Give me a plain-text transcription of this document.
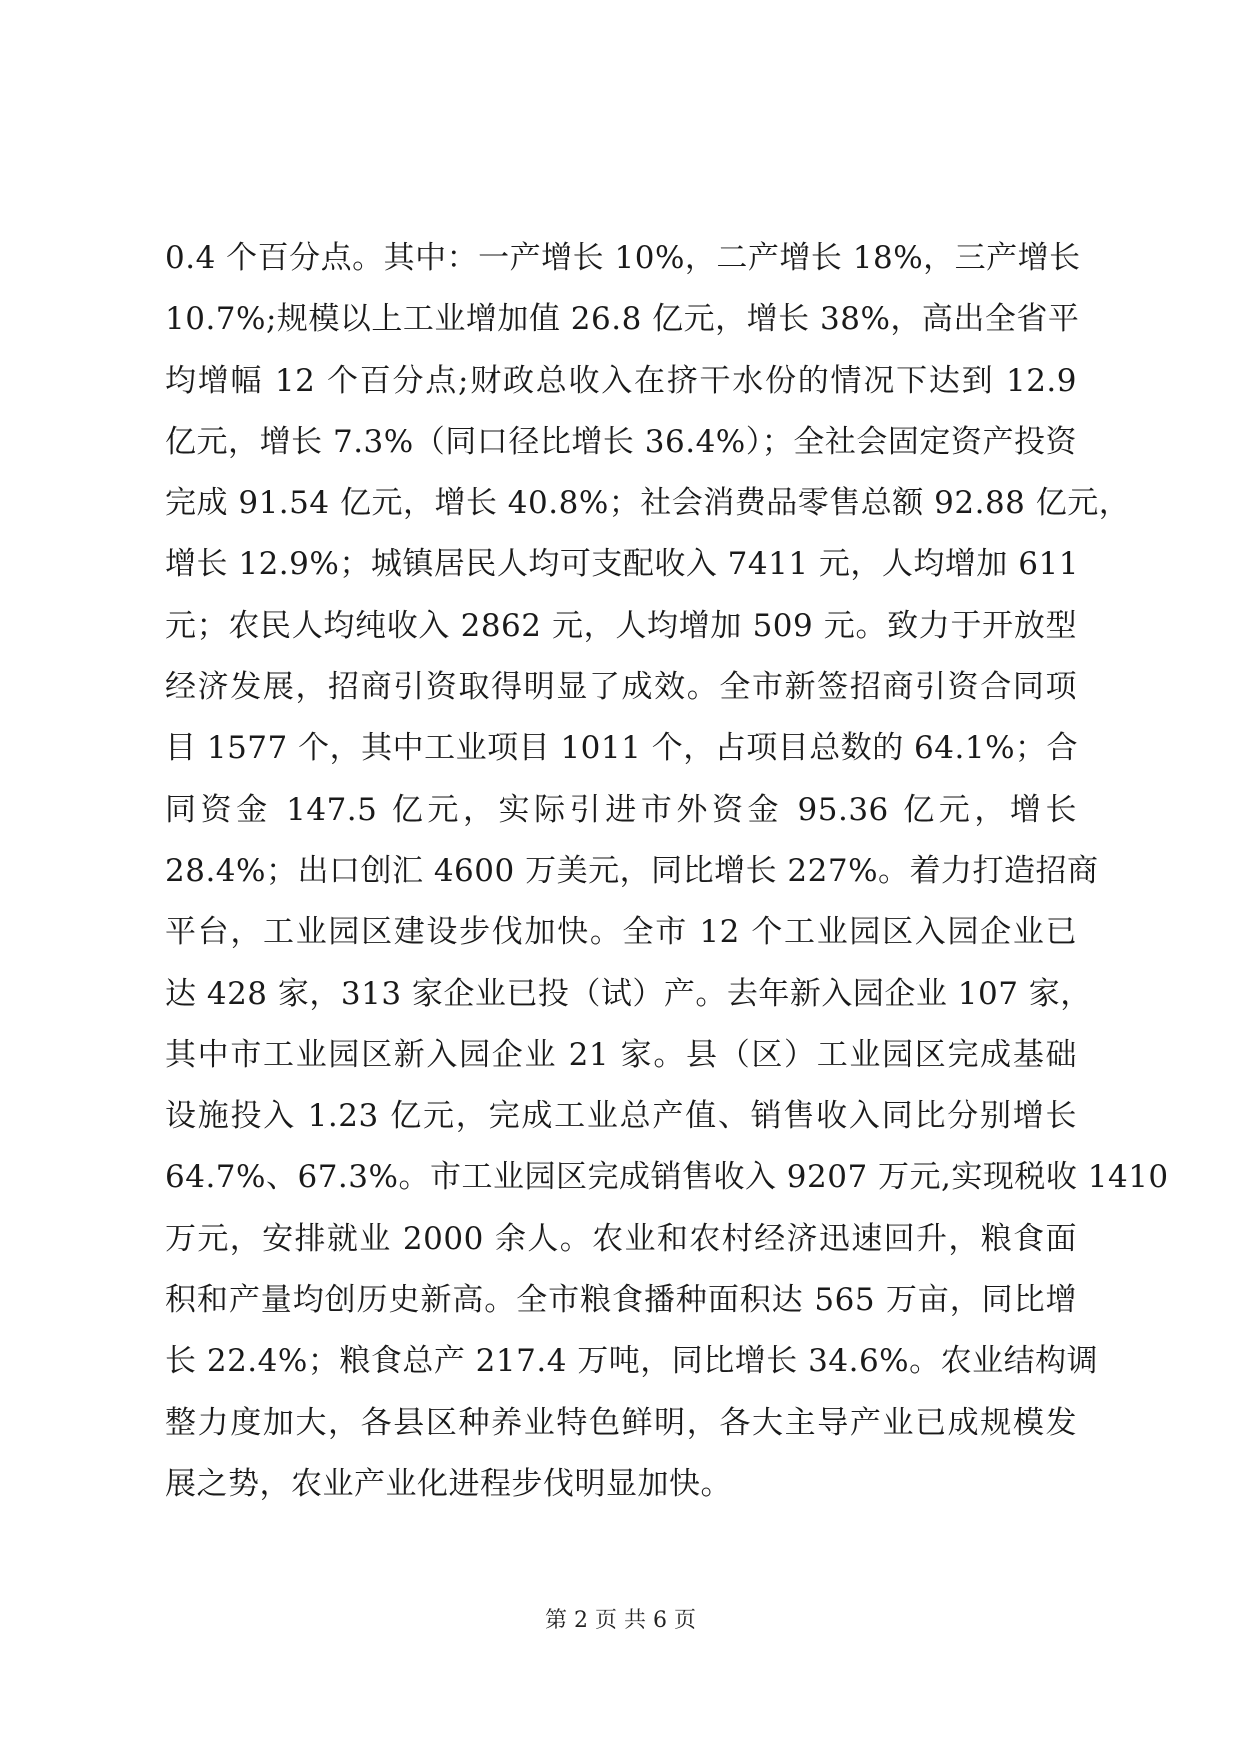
0.4 个百分点。其中：一产增长 10%，二产增长 18%，三产增长
10.7%;规模以上工业增加值 26.8 亿元，增长 38%，高出全省平
均增幅 12 个百分点;财政总收入在挤干水份的情况下达到 12.9
亿元，增长 7.3%（同口径比增长 36.4%）；全社会固定资产投资
完成 91.54 亿元，增长 40.8%；社会消费品零售总额 92.88 亿元，
增长 12.9%；城镇居民人均可支配收入 7411 元，人均增加 611
元；农民人均纯收入 2862 元，人均增加 509 元。致力于开放型
经济发展，招商引资取得明显了成效。全市新签招商引资合同项
目 1577 个，其中工业项目 1011 个，占项目总数的 64.1%；合
同资金 147.5 亿元，实际引进市外资金 95.36 亿元，增长
28.4%；出口创汇 4600 万美元，同比增长 227%。着力打造招商
平台，工业园区建设步伐加快。全市 12 个工业园区入园企业已
达 428 家，313 家企业已投（试）产。去年新入园企业 107 家，
其中市工业园区新入园企业 21 家。县（区）工业园区完成基础
设施投入 1.23 亿元，完成工业总产值、销售收入同比分别增长
64.7%、67.3%。市工业园区完成销售收入 9207 万元,实现税收 1410
万元，安排就业 2000 余人。农业和农村经济迅速回升，粮食面
积和产量均创历史新高。全市粮食播种面积达 565 万亩，同比增
长 22.4%；粮食总产 217.4 万吨，同比增长 34.6%。农业结构调
整力度加大，各县区种养业特色鲜明，各大主导产业已成规模发
展之势，农业产业化进程步伐明显加快。
第 2 页 共 6 页
